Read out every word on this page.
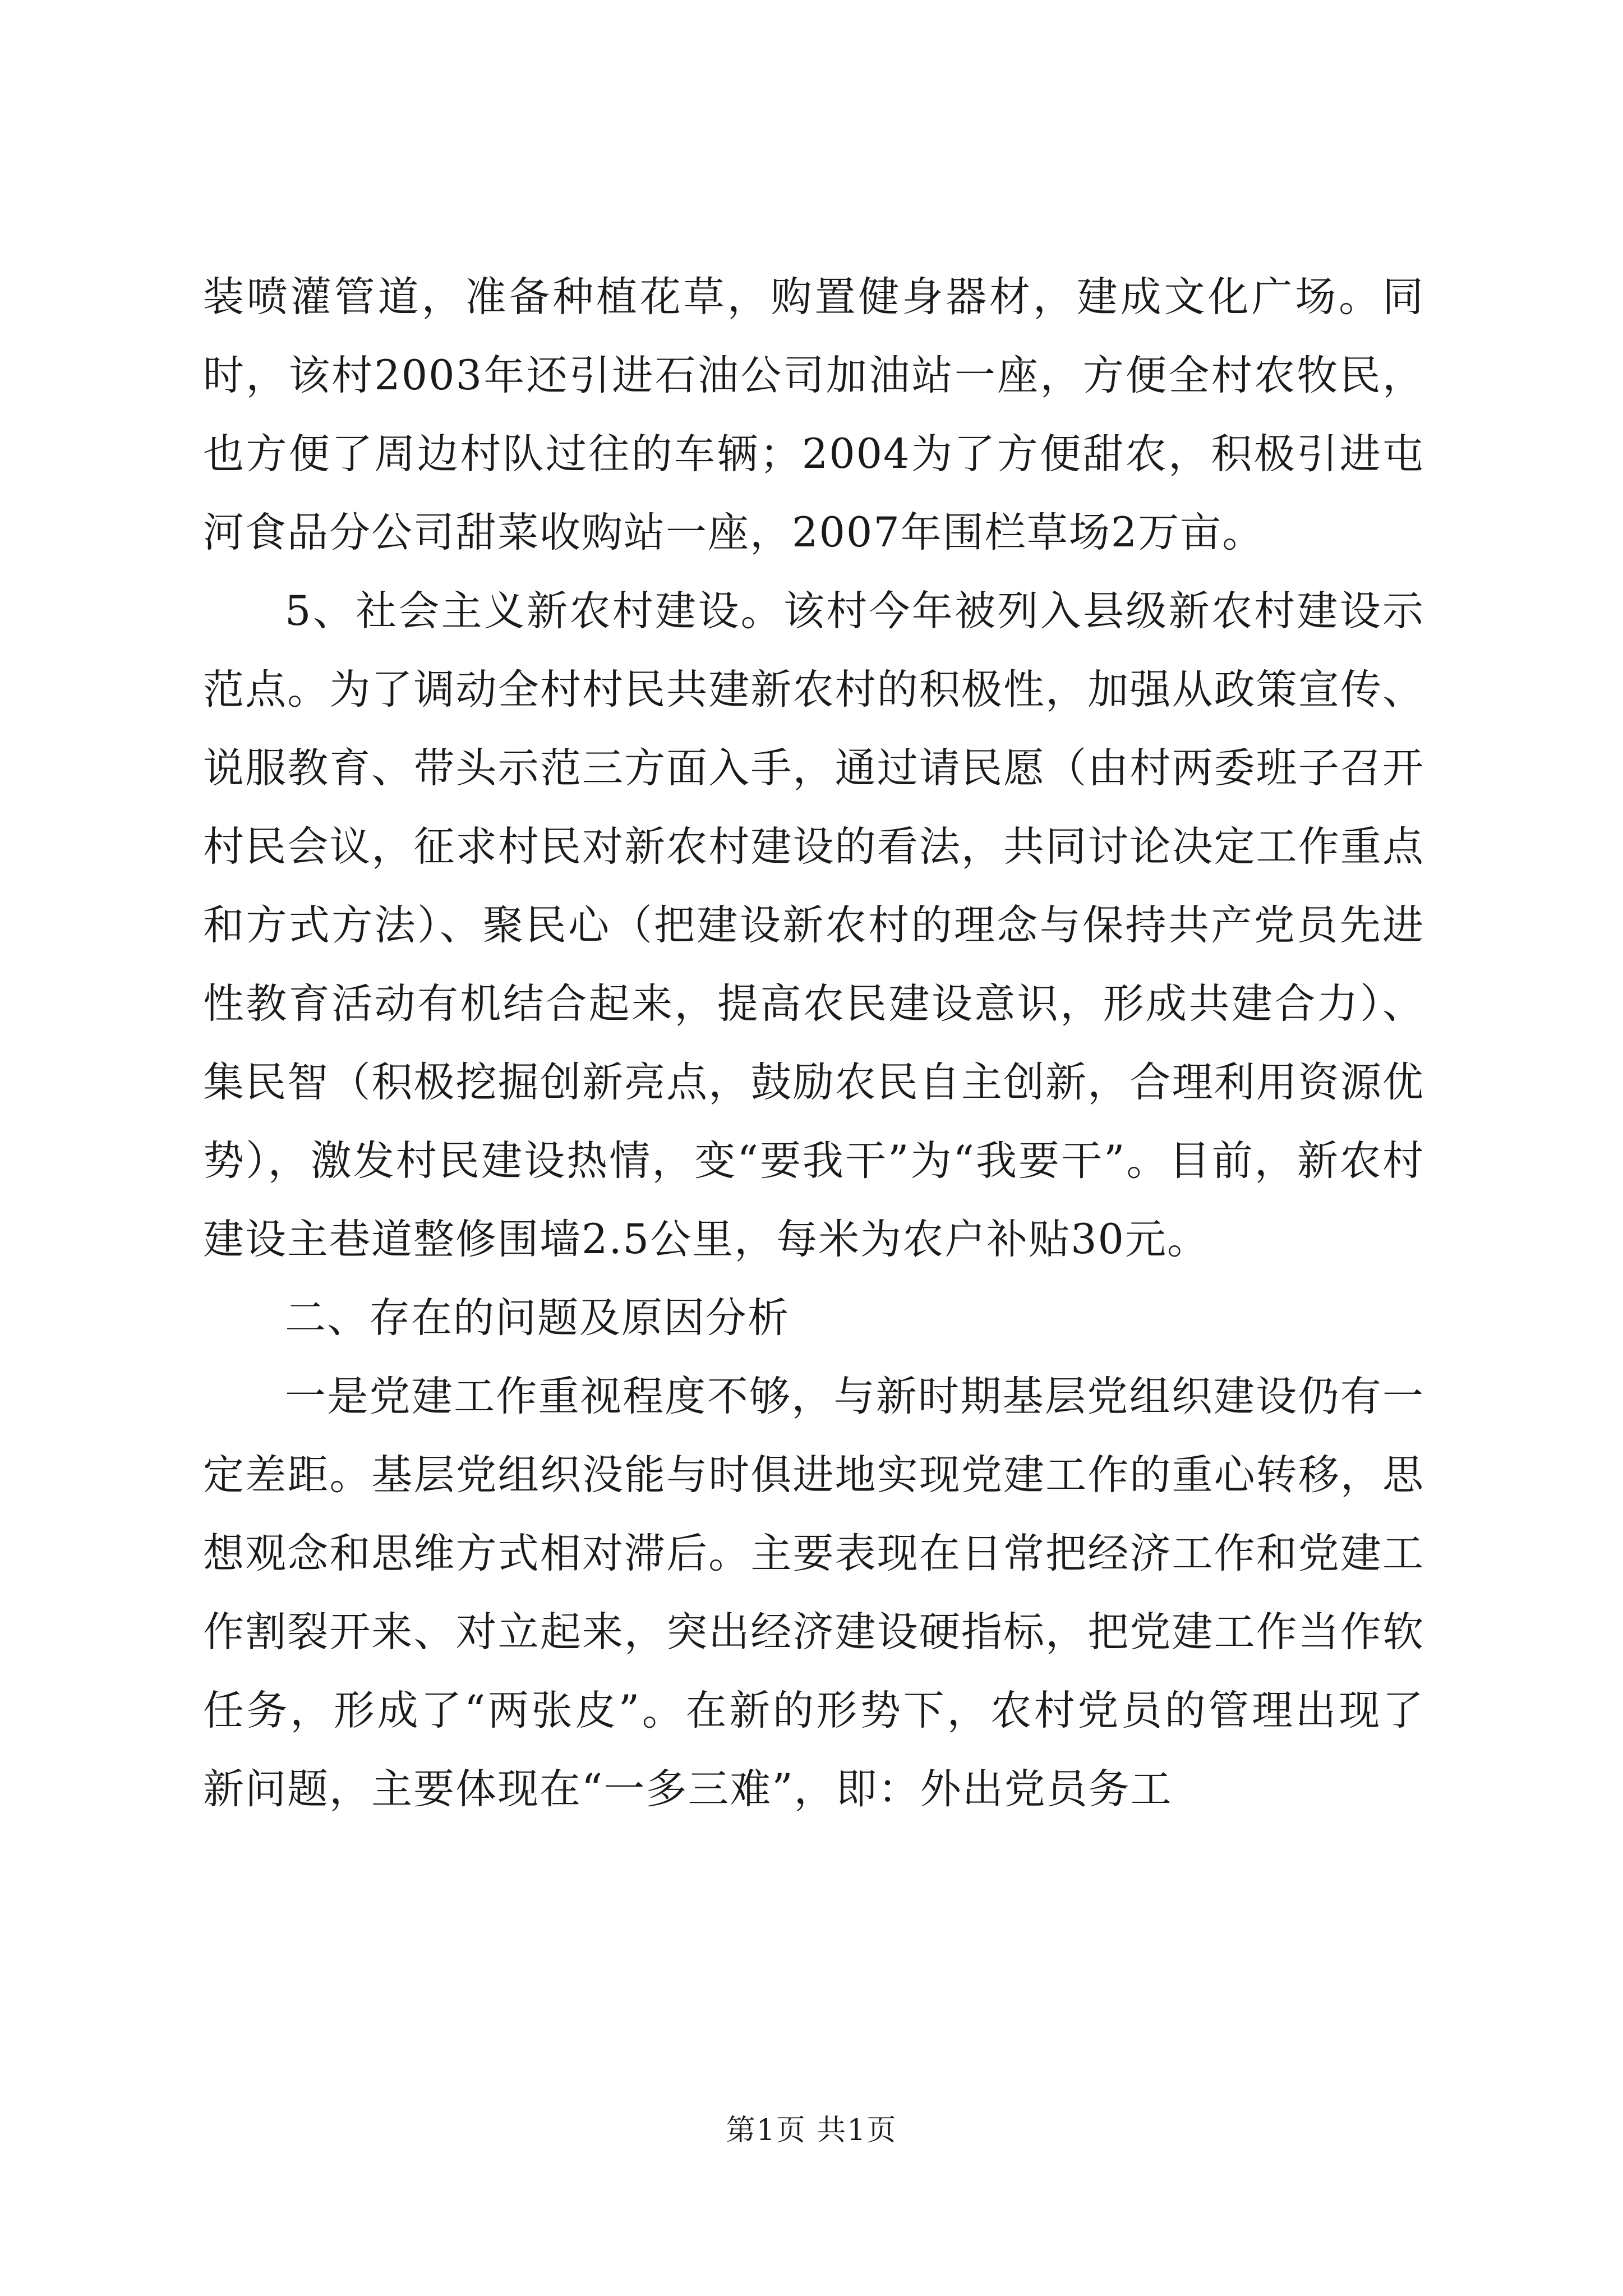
装喷灌管道，准备种植花草，购置健身器材，建成文化广场。同时，该村2003年还引进石油公司加油站一座，方便全村农牧民，也方便了周边村队过往的车辆；2004为了方便甜农，积极引进屯河食品分公司甜菜收购站一座，2007年围栏草场2万亩。

5、社会主义新农村建设。该村今年被列入县级新农村建设示范点。为了调动全村村民共建新农村的积极性，加强从政策宣传、说服教育、带头示范三方面入手，通过请民愿（由村两委班子召开村民会议，征求村民对新农村建设的看法，共同讨论决定工作重点和方式方法）、聚民心（把建设新农村的理念与保持共产党员先进性教育活动有机结合起来，提高农民建设意识，形成共建合力）、集民智（积极挖掘创新亮点，鼓励农民自主创新，合理利用资源优势），激发村民建设热情，变“要我干”为“我要干”。目前，新农村建设主巷道整修围墙2.5公里，每米为农户补贴30元。

二、存在的问题及原因分析

一是党建工作重视程度不够，与新时期基层党组织建设仍有一定差距。基层党组织没能与时俱进地实现党建工作的重心转移，思想观念和思维方式相对滞后。主要表现在日常把经济工作和党建工作割裂开来、对立起来，突出经济建设硬指标，把党建工作当作软任务，形成了“两张皮”。在新的形势下，农村党员的管理出现了新问题，主要体现在“一多三难”，即：外出党员务工

第1页 共1页
